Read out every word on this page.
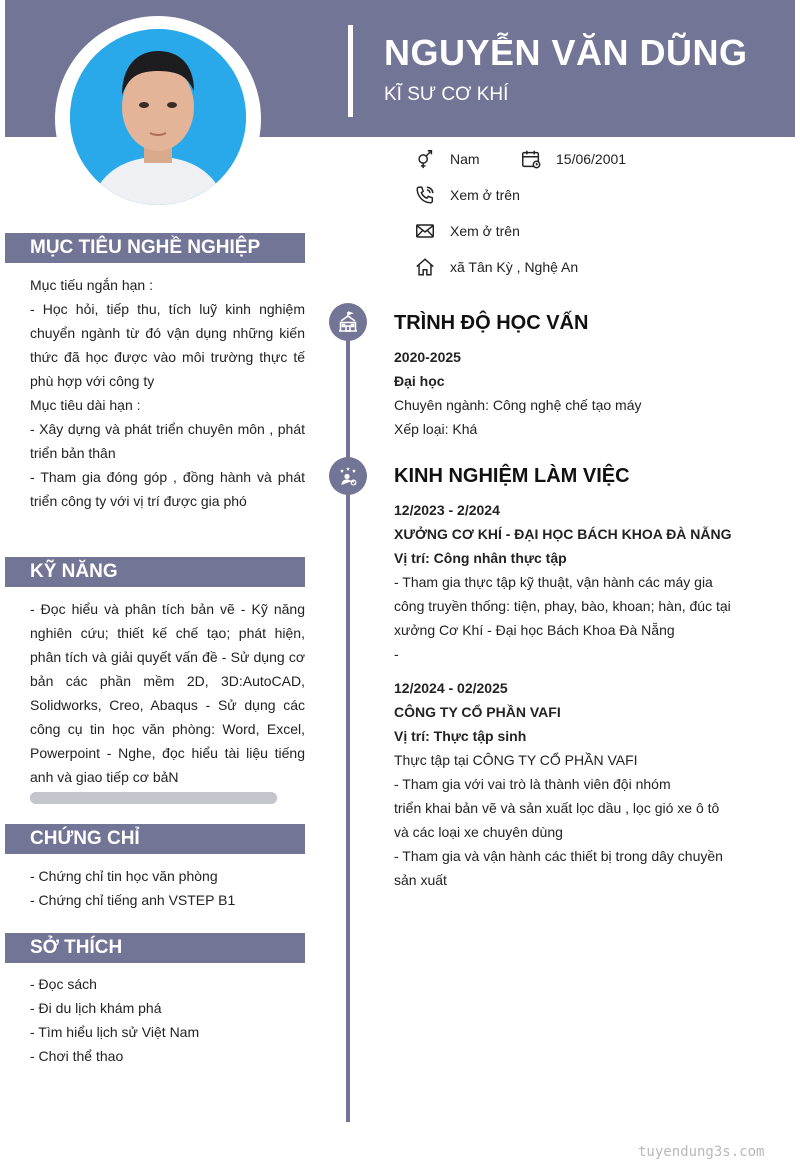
NGUYỄN VĂN DŨNG
KĨ SƯ CƠ KHÍ
Nam	15/06/2001
Xem ở trên
Xem ở trên
xã Tân Kỳ , Nghệ An
MỤC TIÊU NGHỀ NGHIỆP

Mục tiếu ngắn hạn :

- Học hỏi, tiếp thu, tích luỹ kinh nghiệm chuyển ngành từ đó vận dụng những kiến thức đã học được vào môi trường thực tế phù hợp với công ty

Mục tiêu dài hạn :

- Xây dựng và phát triển chuyên môn , phát triển bản thân

- Tham gia đóng góp , đồng hành và phát triển công ty với vị trí được gia phó

KỸ NĂNG

- Đọc hiểu và phân tích bản vẽ - Kỹ năng nghiên cứu; thiết kế chế tạo; phát hiện, phân tích và giải quyết vấn đề - Sử dụng cơ bản các phần mềm 2D, 3D:AutoCAD, Solidworks, Creo, Abaqus - Sử dụng các công cụ tin học văn phòng: Word, Excel, Powerpoint - Nghe, đọc hiểu tài liệu tiếng anh và giao tiếp cơ bảN

CHỨNG CHỈ

- Chứng chỉ tin học văn phòng

- Chứng chỉ tiếng anh VSTEP B1

SỞ THÍCH

- Đọc sách

- Đi du lịch khám phá

- Tìm hiểu lịch sử Việt Nam

- Chơi thể thao

TRÌNH ĐỘ HỌC VẤN

2020-2025

Đại học

Chuyên ngành: Công nghệ chế tạo máy

Xếp loại: Khá

KINH NGHIỆM LÀM VIỆC

12/2023 - 2/2024

XƯỞNG CƠ KHÍ - ĐẠI HỌC BÁCH KHOA ĐÀ NẴNG

Vị trí: Công nhân thực tập

- Tham gia thực tập kỹ thuật, vận hành các máy gia công truyền thống: tiện, phay, bào, khoan; hàn, đúc tại xưởng Cơ Khí - Đại học Bách Khoa Đà Nẵng

-

12/2024 - 02/2025

CÔNG TY CỔ PHẦN VAFI

Vị trí: Thực tập sinh

Thực tập tại CÔNG TY CỔ PHẦN VAFI

- Tham gia với vai trò là thành viên đội nhóm

triển khai bản vẽ và sản xuất lọc dầu , lọc gió xe ô tô và các loại xe chuyên dùng

- Tham gia và vận hành các thiết bị trong dây chuyền sản xuất

tuyendung3s.com
